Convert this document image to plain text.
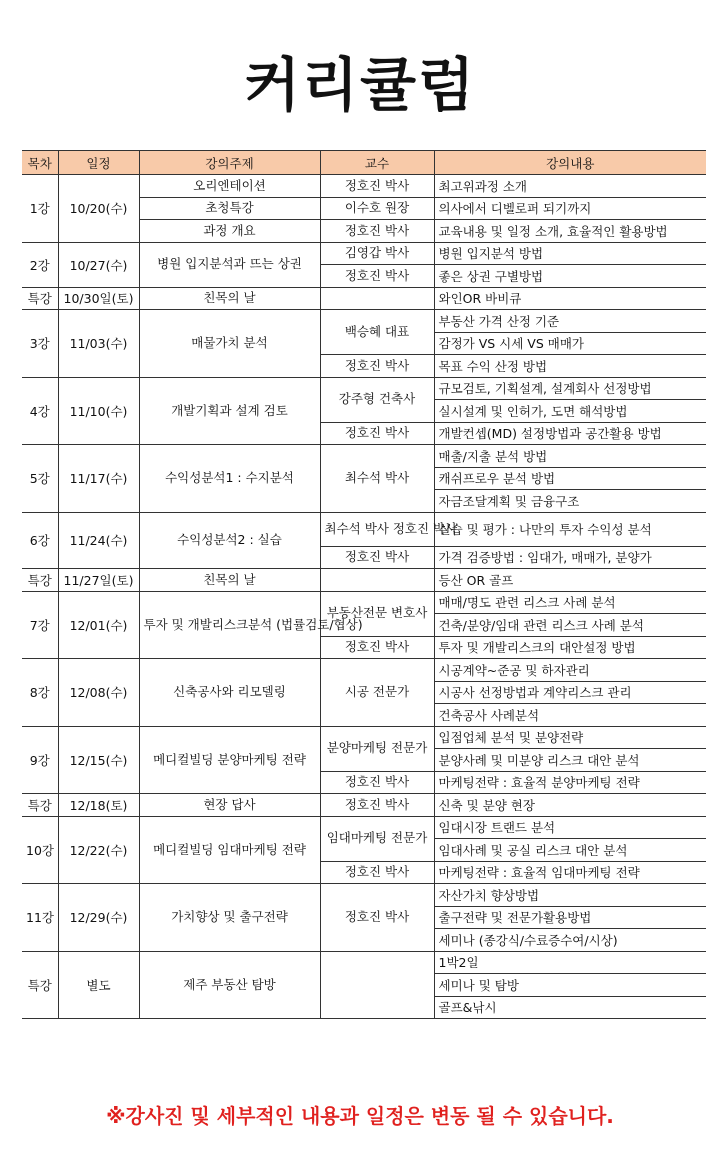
커리큘럼
목차	일정	강의주제	교수	강의내용
1강	10/20(수)	오리엔테이션	정호진 박사	최고위과정 소개
		초청특강	이수호 원장	의사에서 디벨로퍼 되기까지
		과정 개요	정호진 박사	교육내용 및 일정 소개, 효율적인 활용방법
2강	10/27(수)	병원 입지분석과 뜨는 상권	김영갑 박사	병원 입지분석 방법
			정호진 박사	좋은 상권 구별방법
특강	10/30일(토)	친목의 날		와인OR 바비큐
3강	11/03(수)	매물가치 분석	백승혜 대표	부동산 가격 산정 기준
				감정가 VS 시세 VS 매매가
			정호진 박사	목표 수익 산정 방법
4강	11/10(수)	개발기획과 설계 검토	강주형 건축사	규모검토, 기획설계, 설계회사 선정방법
				실시설계 및 인허가, 도면 해석방법
			정호진 박사	개발컨셉(MD) 설정방법과 공간활용 방법
5강	11/17(수)	수익성분석1 : 수지분석	최수석 박사	매출/지출 분석 방법
				캐쉬프로우 분석 방법
				자금조달계획 및 금융구조
6강	11/24(수)	수익성분석2 : 실습	최수석 박사 정호진 박사	실습 및 평가 : 나만의 투자 수익성 분석
			정호진 박사	가격 검증방법 : 임대가, 매매가, 분양가
특강	11/27일(토)	친목의 날		등산 OR 골프
7강	12/01(수)	투자 및 개발리스크분석 (법률검토/협상)	부동산전문 변호사	매매/명도 관련 리스크 사례 분석
				건축/분양/임대 관련 리스크 사례 분석
			정호진 박사	투자 및 개발리스크의 대안설정 방법
8강	12/08(수)	신축공사와 리모델링	시공 전문가	시공계약~준공 및 하자관리
				시공사 선정방법과 계약리스크 관리
				건축공사 사례분석
9강	12/15(수)	메디컬빌딩 분양마케팅 전략	분양마케팅 전문가	입점업체 분석 및 분양전략
				분양사례 및 미분양 리스크 대안 분석
			정호진 박사	마케팅전략 : 효율적 분양마케팅 전략
특강	12/18(토)	현장 답사	정호진 박사	신축 및 분양 현장
10강	12/22(수)	메디컬빌딩 임대마케팅 전략	임대마케팅 전문가	임대시장 트랜드 분석
				임대사례 및 공실 리스크 대안 분석
			정호진 박사	마케팅전략 : 효율적 임대마케팅 전략
11강	12/29(수)	가치향상 및 출구전략	정호진 박사	자산가치 향상방법
				출구전략 및 전문가활용방법
				세미나 (종강식/수료증수여/시상)
특강	별도	제주 부동산 탐방		1박2일
				세미나 및 탐방
				골프&낚시
※강사진 및 세부적인 내용과 일정은 변동 될 수 있습니다.
